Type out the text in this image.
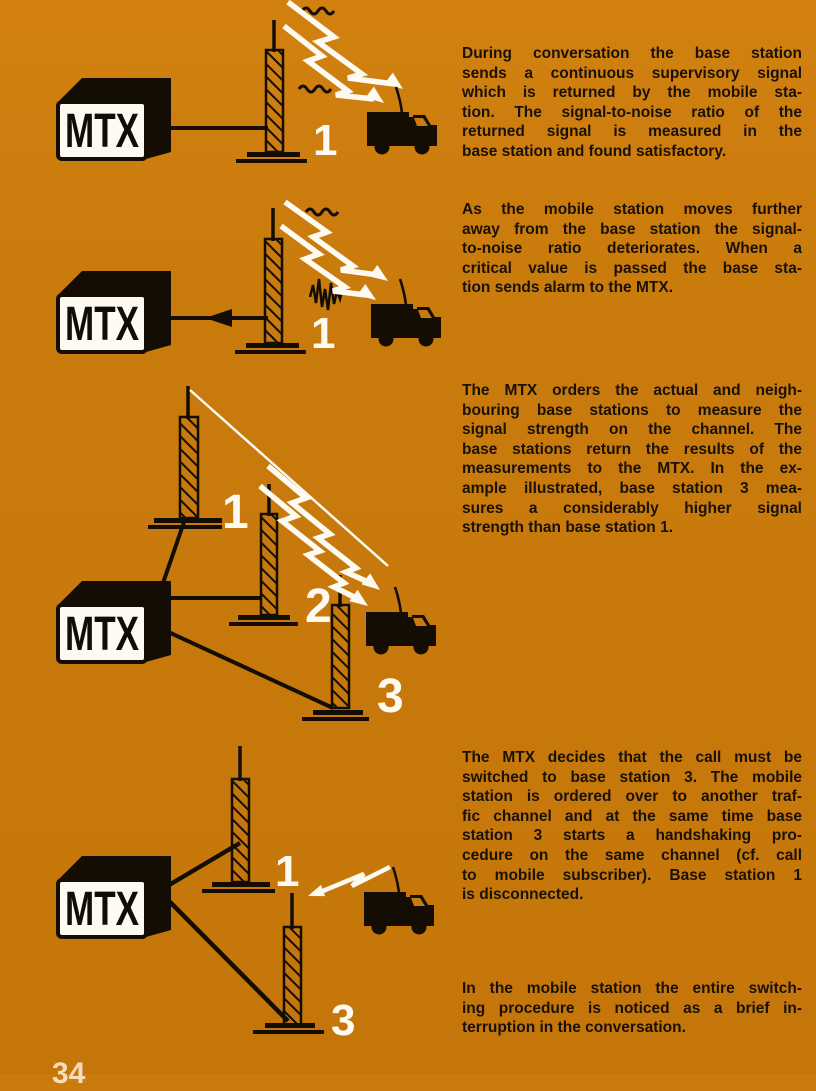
MTX	1
MTX	1
MTX
1
2
3
MTX
1
3
During conversation the base station
sends a continuous supervisory signal
which is returned by the mobile sta-
tion. The signal-to-noise ratio of the
returned signal is measured in the
base station and found satisfactory.
As the mobile station moves further
away from the base station the signal-
to-noise ratio deteriorates. When a
critical value is passed the base sta-
tion sends alarm to the MTX.
The MTX orders the actual and neigh-
bouring base stations to measure the
signal strength on the channel. The
base stations return the results of the
measurements to the MTX. In the ex-
ample illustrated, base station 3 mea-
sures a considerably higher signal
strength than base station 1.
The MTX decides that the call must be
switched to base station 3. The mobile
station is ordered over to another traf-
fic channel and at the same time base
station 3 starts a handshaking pro-
cedure on the same channel (cf. call
to mobile subscriber). Base station 1
is disconnected.
In the mobile station the entire switch-
ing procedure is noticed as a brief in-
terruption in the conversation.
34
